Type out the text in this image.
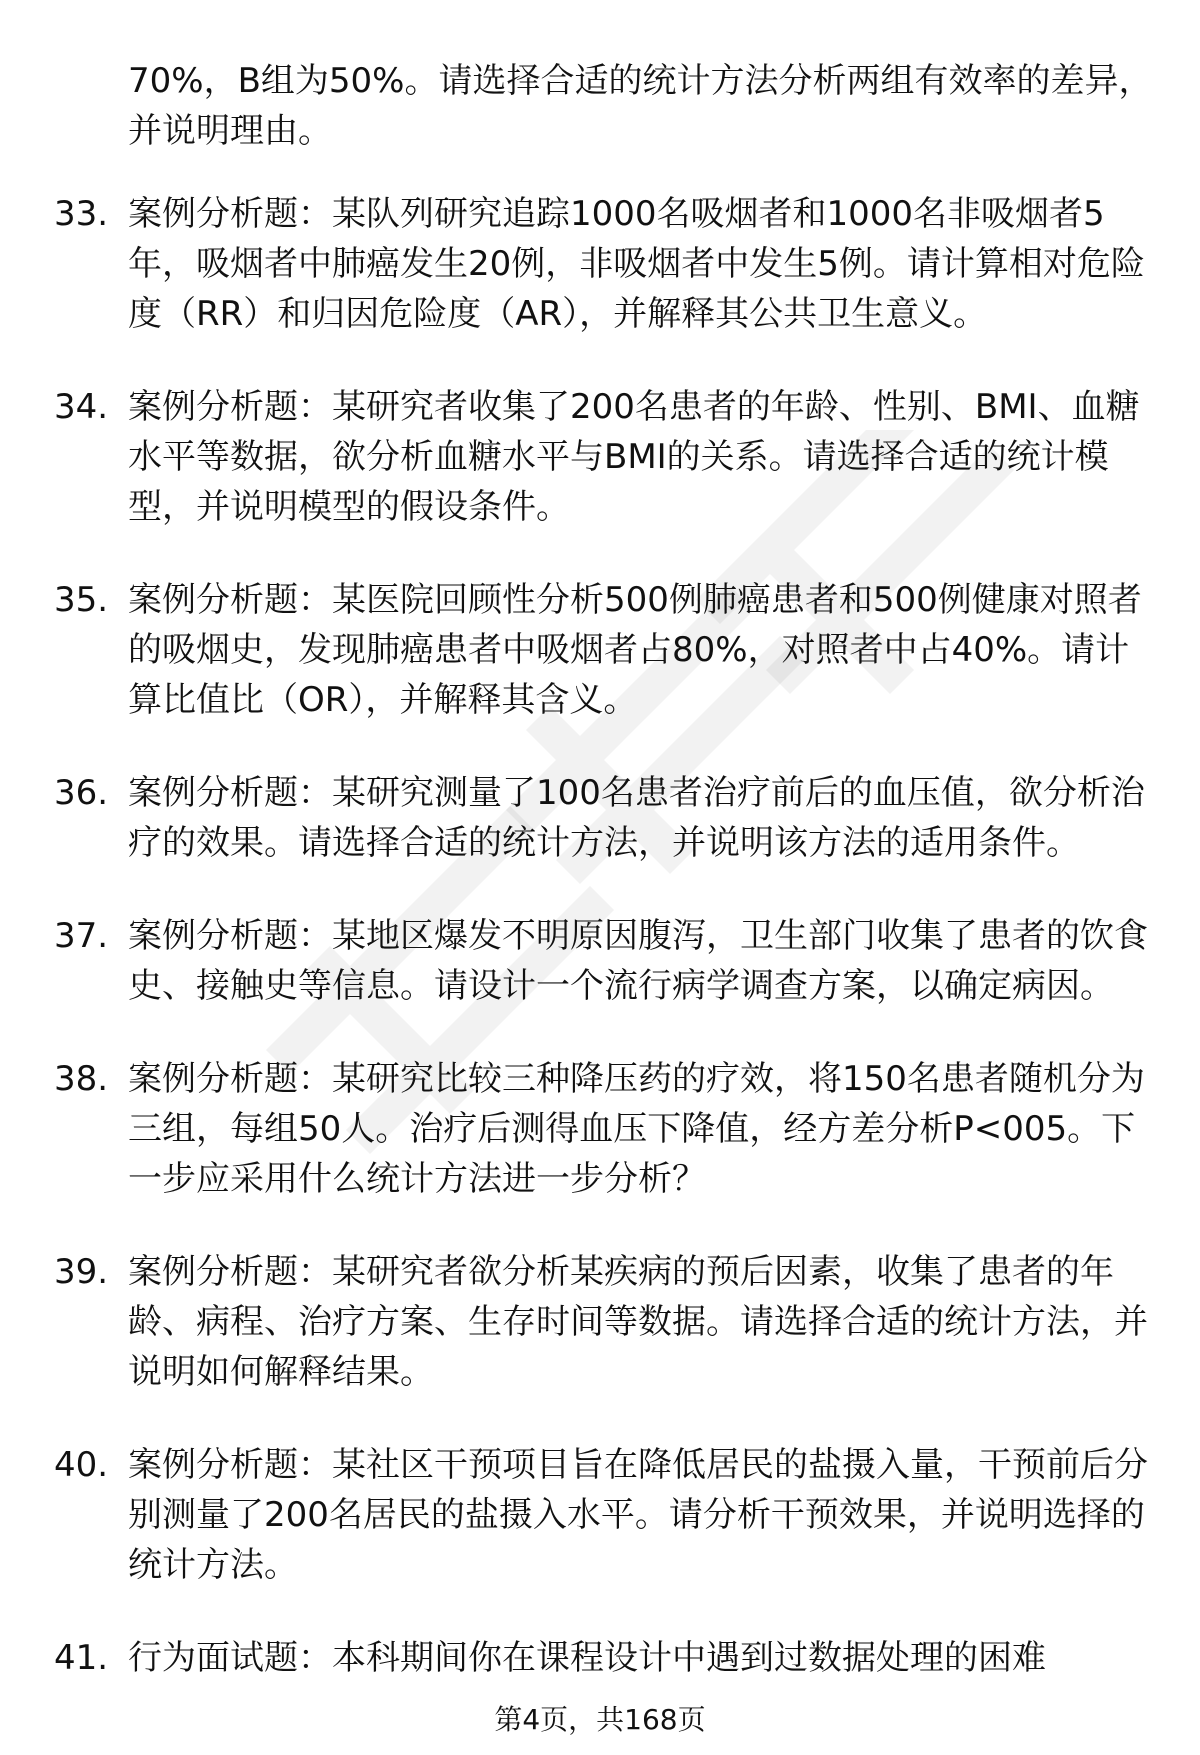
70%，B组为50%。请选择合适的统计方法分析两组有效率的差异，并说明理由。
33. 案例分析题：某队列研究追踪1000名吸烟者和1000名非吸烟者5年，吸烟者中肺癌发生20例，非吸烟者中发生5例。请计算相对危险度（RR）和归因危险度（AR），并解释其公共卫生意义。
34. 案例分析题：某研究者收集了200名患者的年龄、性别、BMI、血糖水平等数据，欲分析血糖水平与BMI的关系。请选择合适的统计模型，并说明模型的假设条件。
35. 案例分析题：某医院回顾性分析500例肺癌患者和500例健康对照者的吸烟史，发现肺癌患者中吸烟者占80%，对照者中占40%。请计算比值比（OR），并解释其含义。
36. 案例分析题：某研究测量了100名患者治疗前后的血压值，欲分析治疗的效果。请选择合适的统计方法，并说明该方法的适用条件。
37. 案例分析题：某地区爆发不明原因腹泻，卫生部门收集了患者的饮食史、接触史等信息。请设计一个流行病学调查方案，以确定病因。
38. 案例分析题：某研究比较三种降压药的疗效，将150名患者随机分为三组，每组50人。治疗后测得血压下降值，经方差分析P<005。下一步应采用什么统计方法进一步分析？
39. 案例分析题：某研究者欲分析某疾病的预后因素，收集了患者的年龄、病程、治疗方案、生存时间等数据。请选择合适的统计方法，并说明如何解释结果。
40. 案例分析题：某社区干预项目旨在降低居民的盐摄入量，干预前后分别测量了200名居民的盐摄入水平。请分析干预效果，并说明选择的统计方法。
41. 行为面试题：本科期间你在课程设计中遇到过数据处理的困难
第4页，共168页
